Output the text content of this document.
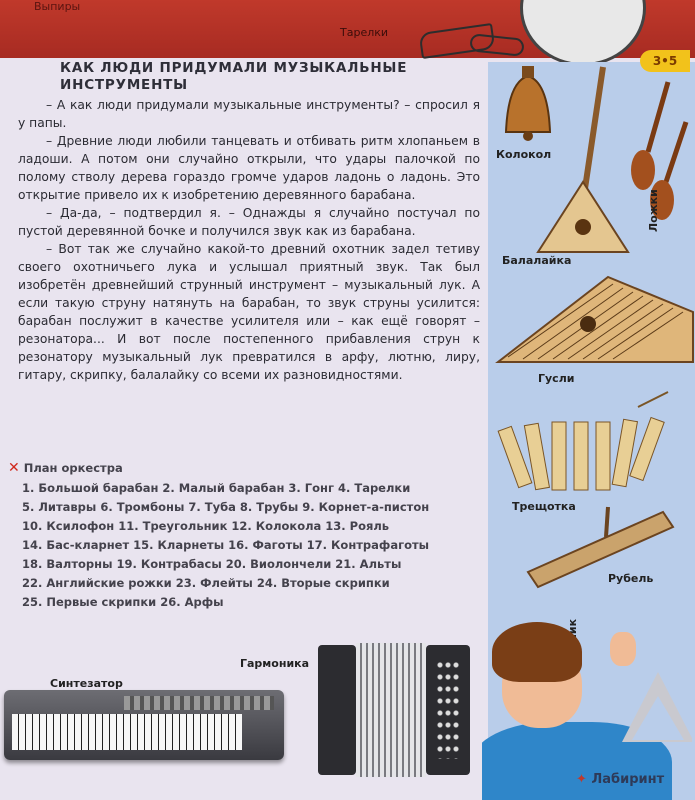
Выпиры
Тарелки
3•5
КАК ЛЮДИ ПРИДУМАЛИ МУЗЫКАЛЬНЫЕ ИНСТРУМЕНТЫ

– А как люди придумали музыкальные инструменты? – спросил я у папы.

– Древние люди любили танцевать и отбивать ритм хлопаньем в ладоши. А потом они случайно открыли, что удары палочкой по полому стволу дерева гораздо громче ударов ладонь о ладонь. Это открытие привело их к изобретению деревянного барабана.

– Да-да, – подтвердил я. – Однажды я случайно постучал по пустой деревянной бочке и получился звук как из барабана.

– Вот так же случайно какой-то древний охотник задел тетиву своего охотничьего лука и услышал приятный звук. Так был изобретён древнейший струнный инструмент – музыкальный лук. А если такую струну натянуть на барабан, то звук струны усилится: барабан послужит в качестве усилителя или – как ещё говорят – резонатора... И вот после постепенного прибавления струн к резонатору музыкальный лук превратился в арфу, лютню, лиру, гитару, скрипку, балалайку со всеми их разновидностями.

✕ План оркестра
1. Большой барабан 2. Малый барабан 3. Гонг 4. Тарелки
5. Литавры 6. Тромбоны 7. Туба 8. Трубы 9. Корнет-а-пистон
10. Ксилофон 11. Треугольник 12. Колокола 13. Рояль
14. Бас-кларнет 15. Кларнеты 16. Фаготы 17. Контрафаготы
18. Валторны 19. Контрабасы 20. Виолончели 21. Альты
22. Английские рожки 23. Флейты 24. Вторые скрипки
25. Первые скрипки 26. Арфы
Колокол
Ложки
Балалайка
Гусли
Трещотка
Рубель
Гармоника
Синтезатор
✦ Лабиринт
